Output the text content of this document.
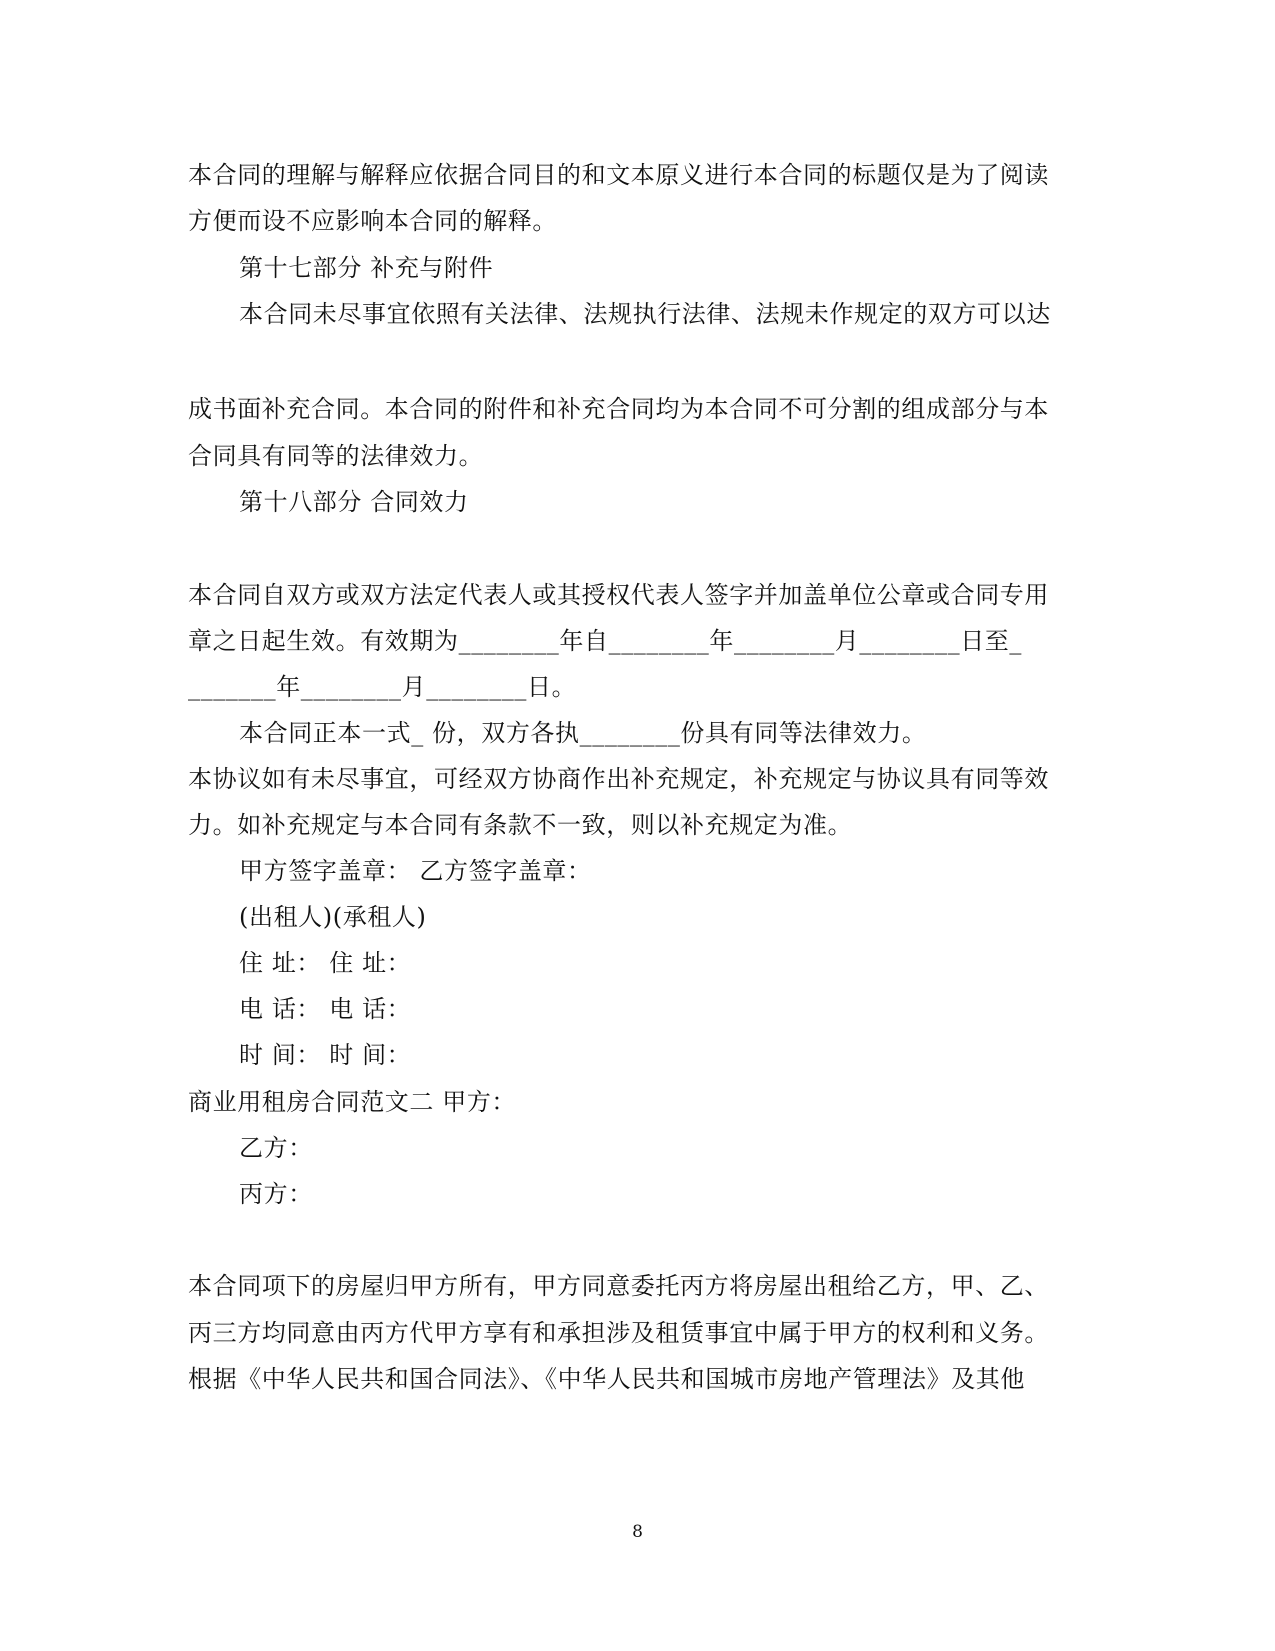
本合同的理解与解释应依据合同目的和文本原义进行本合同的标题仅是为了阅读
方便而设不应影响本合同的解释。
第十七部分 补充与附件
本合同未尽事宜依照有关法律、法规执行法律、法规未作规定的双方可以达
成书面补充合同。本合同的附件和补充合同均为本合同不可分割的组成部分与本
合同具有同等的法律效力。
第十八部分 合同效力
本合同自双方或双方法定代表人或其授权代表人签字并加盖单位公章或合同专用
章之日起生效。有效期为________年自________年________月________日至_
_______年________月________日。
本合同正本一式_ 份，双方各执________份具有同等法律效力。
本协议如有未尽事宜，可经双方协商作出补充规定，补充规定与协议具有同等效
力。如补充规定与本合同有条款不一致，则以补充规定为准。
甲方签字盖章： 乙方签字盖章：
(出租人)(承租人)
住 址： 住 址：
电 话： 电 话：
时 间： 时 间：
商业用租房合同范文二 甲方：
乙方：
丙方：
本合同项下的房屋归甲方所有，甲方同意委托丙方将房屋出租给乙方，甲、乙、
丙三方均同意由丙方代甲方享有和承担涉及租赁事宜中属于甲方的权利和义务。
根据《中华人民共和国合同法》、《中华人民共和国城市房地产管理法》及其他
8
